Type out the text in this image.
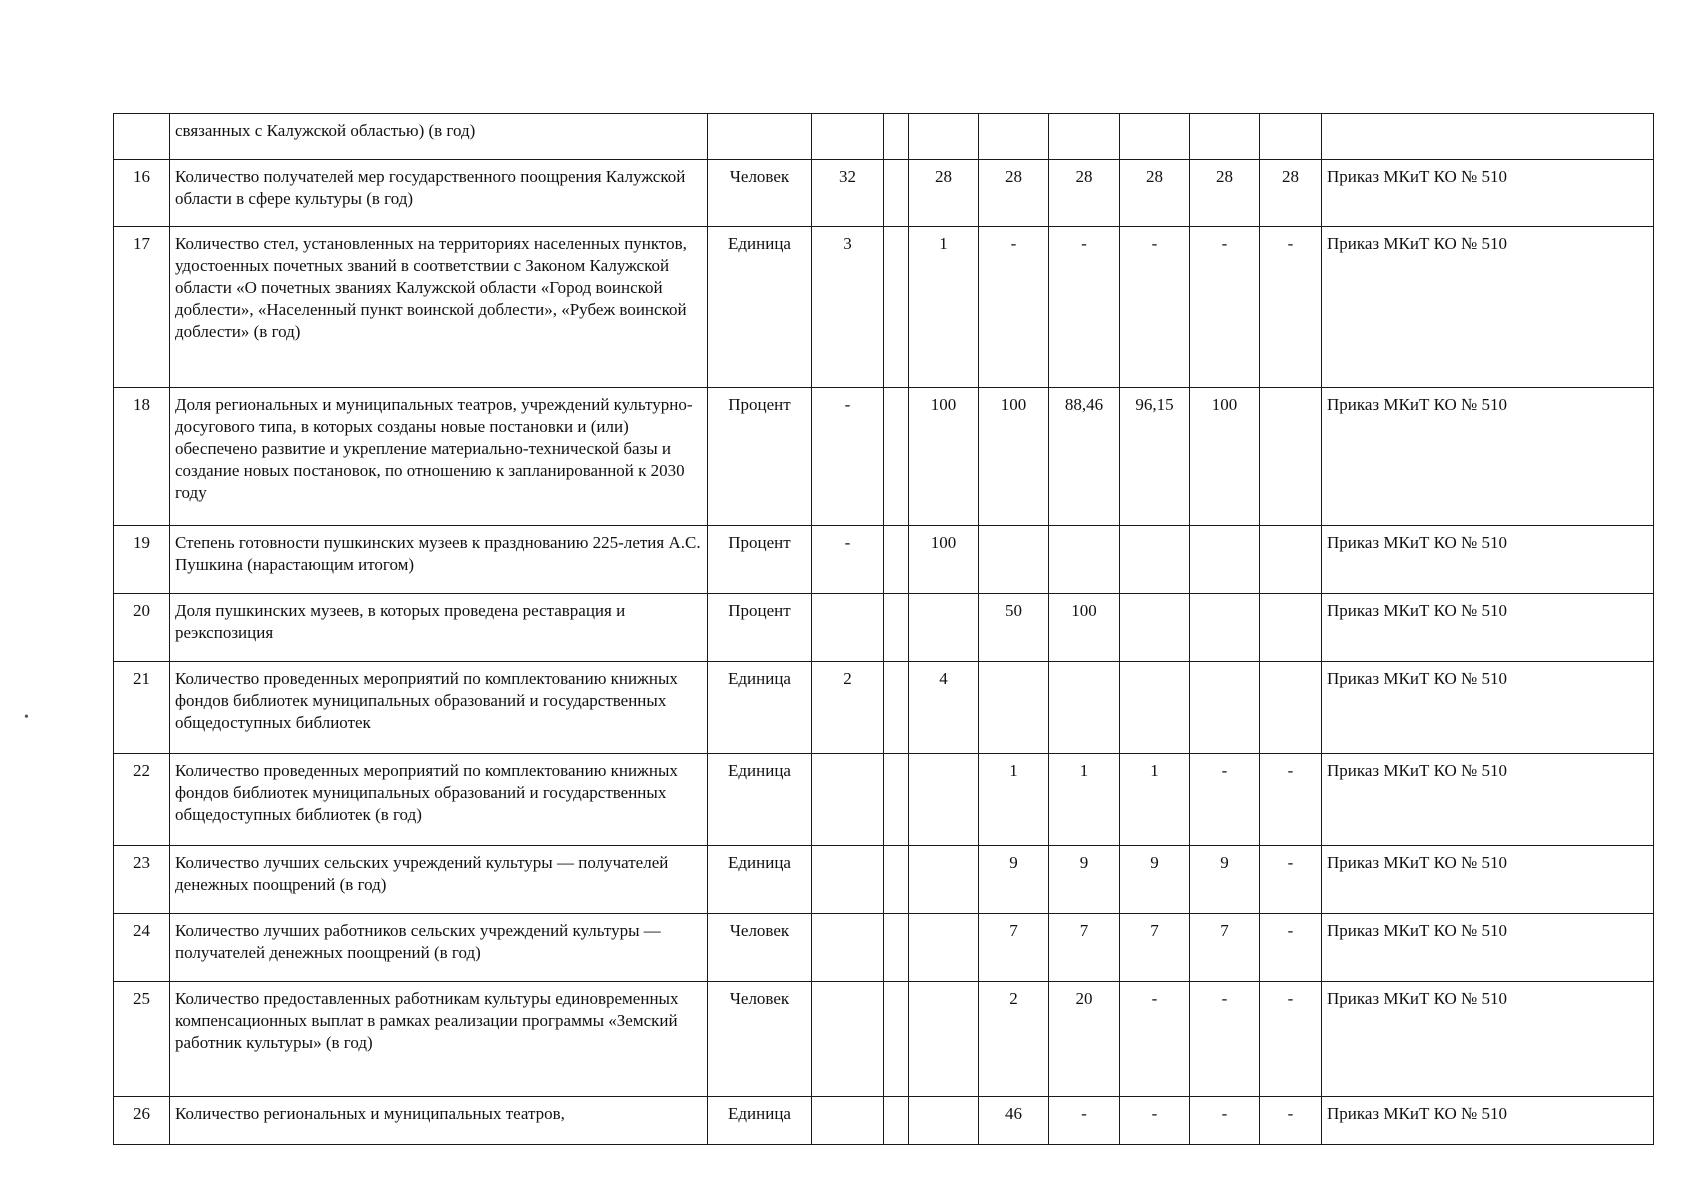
	связанных с Калужской областью) (в год)										
16	Количество получателей мер государственного поощрения Калужской области в сфере культуры (в год)	Человек	32		28	28	28	28	28	28	Приказ МКиТ КО № 510
17	Количество стел, установленных на территориях населенных пунктов, удостоенных почетных званий в соответствии с Законом Калужской области «О почетных званиях Калужской области «Город воинской доблести», «Населенный пункт воинской доблести», «Рубеж воинской доблести» (в год)	Единица	3		1	-	-	-	-	-	Приказ МКиТ КО № 510
18	Доля региональных и муниципальных театров, учреждений культурно-досугового типа, в которых созданы новые постановки и (или) обеспечено развитие и укрепление материально-технической базы и создание новых постановок, по отношению к запланированной к 2030 году	Процент	-		100	100	88,46	96,15	100		Приказ МКиТ КО № 510
19	Степень готовности пушкинских музеев к празднованию 225-летия А.С. Пушкина (нарастающим итогом)	Процент	-		100						Приказ МКиТ КО № 510
20	Доля пушкинских музеев, в которых проведена реставрация и реэкспозиция	Процент				50	100				Приказ МКиТ КО № 510
21	Количество проведенных мероприятий по комплектованию книжных фондов библиотек муниципальных образований и государственных общедоступных библиотек	Единица	2		4						Приказ МКиТ КО № 510
22	Количество проведенных мероприятий по комплектованию книжных фондов библиотек муниципальных образований и государственных общедоступных библиотек (в год)	Единица				1	1	1	-	-	Приказ МКиТ КО № 510
23	Количество лучших сельских учреждений культуры — получателей денежных поощрений (в год)	Единица				9	9	9	9	-	Приказ МКиТ КО № 510
24	Количество лучших работников сельских учреждений культуры — получателей денежных поощрений (в год)	Человек				7	7	7	7	-	Приказ МКиТ КО № 510
25	Количество предоставленных работникам культуры единовременных компенсационных выплат в рамках реализации программы «Земский работник культуры» (в год)	Человек				2	20	-	-	-	Приказ МКиТ КО № 510
26	Количество региональных и муниципальных театров,	Единица				46	-	-	-	-	Приказ МКиТ КО № 510
•
